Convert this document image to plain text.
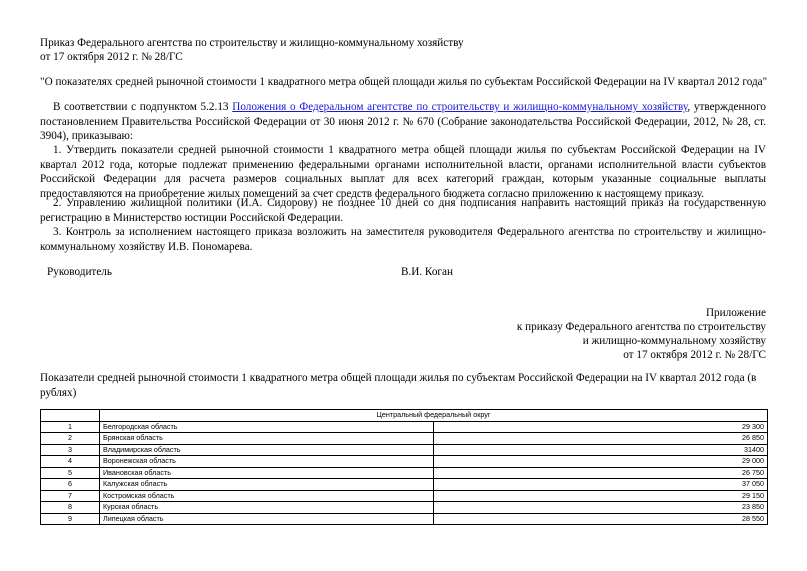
Приказ Федерального агентства по строительству и жилищно-коммунальному хозяйству
от 17 октября 2012 г. № 28/ГС
"О показателях средней рыночной стоимости 1 квадратного метра общей площади жилья по субъектам Российской Федерации на IV квартал 2012 года"
В соответствии с подпунктом 5.2.13 Положения о Федеральном агентстве по строительству и жилищно-коммунальному хозяйству, утвержденного постановлением Правительства Российской Федерации от 30 июня 2012 г. № 670 (Собрание законодательства Российской Федерации, 2012, № 28, ст. 3904), приказываю:
1. Утвердить показатели средней рыночной стоимости 1 квадратного метра общей площади жилья по субъектам Российской Федерации на IV квартал 2012 года, которые подлежат применению федеральными органами исполнительной власти, органами исполнительной власти субъектов Российской Федерации для расчета размеров социальных выплат для всех категорий граждан, которым указанные социальные выплаты предоставляются на приобретение жилых помещений за счет средств федерального бюджета согласно приложению к настоящему приказу.
2. Управлению жилищной политики (И.А. Сидорову) не позднее 10 дней со дня подписания направить настоящий приказ на государственную регистрацию в Министерство юстиции Российской Федерации.
3. Контроль за исполнением настоящего приказа возложить на заместителя руководителя Федерального агентства по строительству и жилищно-коммунальному хозяйству И.В. Пономарева.
Руководитель	В.И. Коган
Приложение
к приказу Федерального агентства по строительству
и жилищно-коммунальному хозяйству
от 17 октября 2012 г. № 28/ГС
Показатели средней рыночной стоимости 1 квадратного метра общей площади жилья по субъектам Российской Федерации на IV квартал 2012 года (в рублях)
	Центральный федеральный округ	
1	Белгородская область	29 300
2	Брянская область	26 850
3	Владимирская область	31400
4	Воронежская область	29 000
5	Ивановская область	26 750
6	Калужская область	37 050
7	Костромская область	29 150
8	Курская область	23 850
9	Липецкая область	28 550
